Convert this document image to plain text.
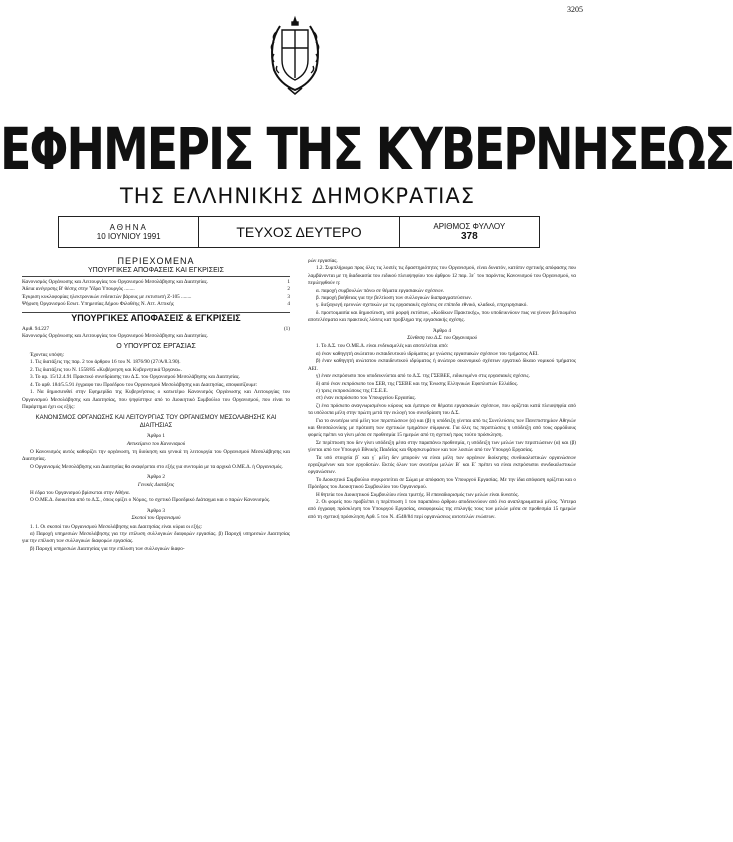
3205
ΕΦΗΜΕΡΙΣ ΤΗΣ ΚΥΒΕΡΝΗΣΕΩΣ
ΤΗΣ ΕΛΛΗΝΙΚΗΣ ΔΗΜΟΚΡΑΤΙΑΣ
ΑΘΗΝΑ
10 ΙΟΥΝΙΟΥ 1991	ΤΕΥΧΟΣ ΔΕΥΤΕΡΟ	ΑΡΙΘΜΟΣ ΦΥΛΛΟΥ
378
ΠΕΡΙΕΧΟΜΕΝΑ
ΥΠΟΥΡΓΙΚΕΣ ΑΠΟΦΑΣΕΙΣ ΚΑΙ ΕΓΚΡΙΣΕΙΣ
Κανονισμός Οργάνωσης και Λειτουργίας του Οργανισμού Μεσολάβησης και Διαιτησίας.	1
Άδεια ανέγερσης Β' θέσης στην Ύδρα Υπουργός ........	2
Έγκριση κυκλοφορίας ηλεκτρονικών ενδεικτών βάρους με εκτυπωτή Ζ-105 ........	3
Ψήφιση Οργανισμού Εσωτ. Υπηρεσίας Δήμου Φιλοθέης Ν. Αττ. Αττικής	4
ΥΠΟΥΡΓΙΚΕΣ ΑΠΟΦΑΣΕΙΣ & ΕΓΚΡΙΣΕΙΣ
Αριθ. 94.227	(1)

Κανονισμός Οργάνωσης και Λειτουργίας του Οργανισμού Μεσολάβησης και Διαιτησίας.

Ο ΥΠΟΥΡΓΟΣ ΕΡΓΑΣΙΑΣ

Έχοντας υπόψη:

1. Τις διατάξεις της παρ. 2 του άρθρου 16 του Ν. 1876/90 (27/Α/8.3.90).

2. Τις διατάξεις του Ν. 1558/85 «Κυβέρνηση και Κυβερνητικά Όργανα».

3. Το αρ. 15/12.4.91 Πρακτικό συνεδρίασης του Δ.Σ. του Οργανισμού Μεσολάβησης και Διαιτησίας.

4. Το αρθ. 184/5.5.91 έγγραφο του Προέδρου του Οργανισμού Μεσολάβησης και Διαιτησίας, αποφασίζουμε:

1. Να δημοσιευθεί στην Εφημερίδα της Κυβερνήσεως ο κατωτέρω Κανονισμός Οργάνωσης και Λειτουργίας του Οργανισμού Μεσολάβησης και Διαιτησίας, που ψηφίστηκε από το Διοικητικό Συμβούλιο του Οργανισμού, που είναι το Παράρτημα έχει ως εξής:

ΚΑΝΟΝΙΣΜΟΣ ΟΡΓΑΝΩΣΗΣ ΚΑΙ ΛΕΙΤΟΥΡΓΙΑΣ ΤΟΥ ΟΡΓΑΝΙΣΜΟΥ ΜΕΣΟΛΑΒΗΣΗΣ ΚΑΙ ΔΙΑΙΤΗΣΙΑΣ
Άρθρο 1
Αντικείμενο του Κανονισμού

Ο Κανονισμός αυτός καθορίζει την οργάνωση, τη διοίκηση και γενικά τη λειτουργία του Οργανισμού Μεσολάβησης και Διαιτησίας.

Ο Οργανισμός Μεσολάβησης και Διαιτησίας θα αναφέρεται στο εξής για συντομία με τα αρχικά Ο.ΜΕ.Δ. ή Οργανισμός.

Άρθρο 2
Γενικές Διατάξεις

Η έδρα του Οργανισμού βρίσκεται στην Αθήνα.

Ο Ο.ΜΕ.Δ. διοικείται από το Δ.Σ., όπως ορίζει ο Νόμος, το σχετικό Προεδρικό Διάταγμα και ο παρών Κανονισμός.

Άρθρο 3
Σκοποί του Οργανισμού

1. 1. Οι σκοποί του Οργανισμού Μεσολάβησης και Διαιτησίας είναι κύρια οι εξής:

α) Παροχή υπηρεσιών Μεσολάβησης για την επίλυση συλλογικών διαφορών εργασίας. β) Παροχή υπηρεσιών Διαιτησίας για την επίλυση των συλλογικών διαφορών εργασίας.

β) Παροχή υπηρεσιών Διαιτησίας για την επίλυση των συλλογικών διαφο-

ρών εργασίας.

1.2. Συμπλήρωμα προς όλες τις λοιπές τις δραστηριότητες του Οργανισμού, είναι δυνατόν, κατόπιν σχετικής απόφασης που λαμβάνονται με τη διαδικασία του ειδικού πλειοψηφίου του άρθρου 12 παρ. 3ε΄ του παρόντος Κανονισμού του Οργανισμού, να περιληφθούν η:

α. παροχή συμβουλών πάνω σε θέματα εργασιακών σχέσεων.

β. παροχή βοήθειας για την βελτίωση των συλλογικών διαπραγματεύσεων.

γ. διεξαγωγή ερευνών σχετικών με τις εργασιακές σχέσεις σε επίπεδο εθνικό, κλαδικό, επιχειρησιακό.

δ. προετοιμασία και δημοσίευση, υπό μορφή εκτύπων, «Κωδίκων Πρακτικής», που υποδεικνύουν πως να γίνουν βελτιωμένα αποτελέσματα και πρακτικές λύσεις κατ προβλημα της εργασιακής σχέσης.

Άρθρο 4
Σύνθεση του Δ.Σ. του Οργανισμού

1. Το Δ.Σ. του Ο.ΜΕ.Δ. είναι ενδεκαμελές και αποτελείται από:

α) έναν καθηγητή ανώτατου εκπαιδευτικού ιδρύματος με γνώσεις εργασιακών σχέσεων του τμήματος ΑΕΙ.

β) έναν καθηγητή ανώτατου εκπαιδευτικού ιδρύματος ή ανώτερο οικονομικό σχέσεων εργατικό δίκαιο νομικού τμήματος ΑΕΙ.

γ) έναν εκπρόσωπο που υποδεικνύεται από το Δ.Σ. της ΓΣΕΒΕΕ, ειδικευμένο στις εργασιακές σχέσεις.

δ) από έναν εκπρόσωπο του ΣΕΒ, της ΓΣΕΒΕ και της Ένωσης Ελληνικών Εφοπλιστών Ελλάδος.

ε) τρεις εκπροσώπους της Γ.Σ.Ε.Ε.

στ) έναν εκπρόσωπο του Υπουργείου Εργασίας.

ζ) ένα πρόσωπο αναγνωρισμένου κύρους και έμπειρο σε θέματα εργασιακών σχέσεων, που ορίζεται κατά πλειοψηφία από τα υπόλοιπα μέλη στην πρώτη μετά την εκλογή του συνεδρίαση του Δ.Σ.

Για το ανωτέρω υπό μέλη των περιπτώσεων (α) και (β) η υπόδειξη γίνεται από τις Συνελεύσεις των Πανεπιστημίων Αθηνών και Θεσσαλονίκης με πρόταση των σχετικών τμημάτων σύμφωνα. Για όλες τις περιπτώσεις η υπόδειξη από τους αρμόδιους φορείς πρέπει να γίνει μέσα σε προθεσμία 15 ημερών από τη σχετική προς τούτο πρόσκληση.

Σε περίπτωση που δεν γίνει υπόδειξη μέσα στην παραπάνω προθεσμία, η υπόδειξη των μελών των περιπτώσεων (α) και (β) γίνεται από τον Υπουργό Εθνικής Παιδείας και Θρησκευμάτων και των λοιπών από τον Υπουργό Εργασίας.

Τα υπό στοιχεία β΄ και γ΄ μέλη δεν μπορούν να είναι μέλη των οργάνων διοίκησης συνδικαλιστικών οργανώσεων εργαζομένων και των εργοδοτών. Εκτός όλων των ανωτέρω μελών Β΄ και Ε΄ πρέπει να είναι εκπρόσωποι συνδικαλιστικών οργανώσεων.

Το Διοικητικό Συμβούλιο συγκροτείται σε Σώμα με απόφαση του Υπουργού Εργασίας. Με την ίδια απόφαση ορίζεται και ο Πρόεδρος του Διοικητικού Συμβουλίου του Οργανισμού.

Η θητεία του Διοικητικού Συμβουλίου είναι τριετής. Η επαναδιορισμός των μελών είναι δυνατός.

2. Οι φορείς που προβλέπει η περίπτωση 1 του παραπάνω άρθρου αποδεικνύουν από ένα αναπληρωματικό μέλος. Ύστερα από έγγραφη πρόσκληση του Υπουργού Εργασίας, αναφορικώς της επιλογής τους των μελών μέσα σε προθεσμία 15 ημερών από τη σχετική πρόσκληση Αρθ. 5 του Ν. 4548/84 περί οργανώσεως αυτοτελών ενώσεων.
